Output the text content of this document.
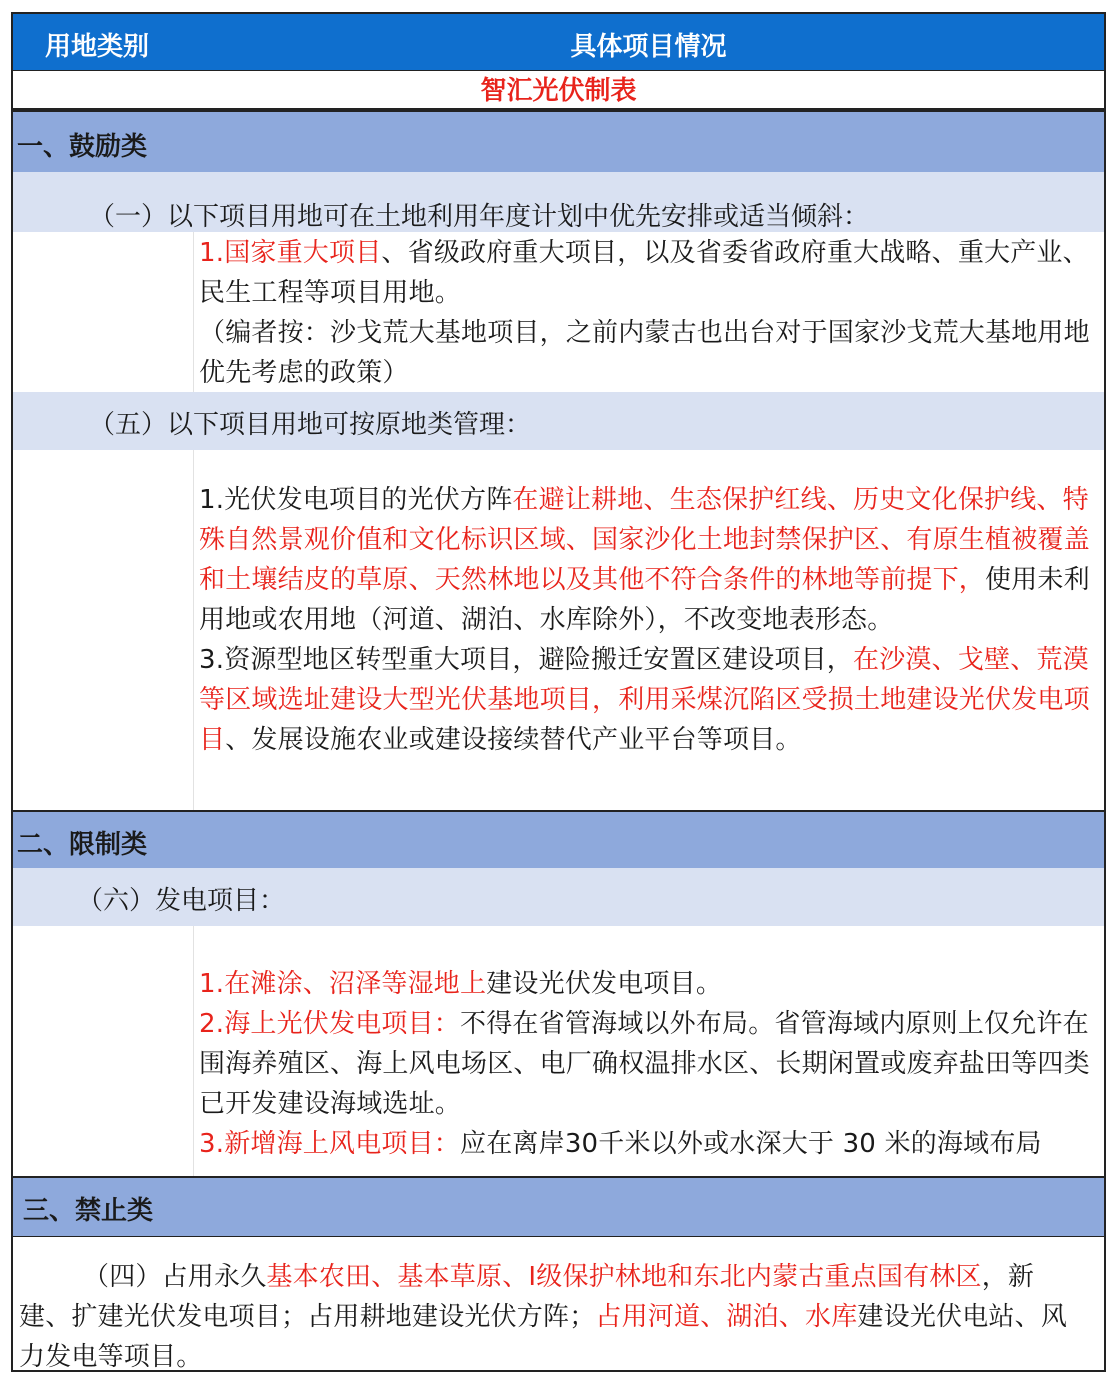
用地类别	具体项目情况
智汇光伏制表
一、鼓励类
（一）以下项目用地可在土地利用年度计划中优先安排或适当倾斜：

1.国家重大项目、省级政府重大项目，以及省委省政府重大战略、重大产业、民生工程等项目用地。

（编者按：沙戈荒大基地项目，之前内蒙古也出台对于国家沙戈荒大基地用地优先考虑的政策）

（五）以下项目用地可按原地类管理：

1.光伏发电项目的光伏方阵在避让耕地、生态保护红线、历史文化保护线、特殊自然景观价值和文化标识区域、国家沙化土地封禁保护区、有原生植被覆盖和土壤结皮的草原、天然林地以及其他不符合条件的林地等前提下，使用未利用地或农用地（河道、湖泊、水库除外），不改变地表形态。

3.资源型地区转型重大项目，避险搬迁安置区建设项目，在沙漠、戈壁、荒漠等区域选址建设大型光伏基地项目，利用采煤沉陷区受损土地建设光伏发电项目、发展设施农业或建设接续替代产业平台等项目。

二、限制类
（六）发电项目：

1.在滩涂、沼泽等湿地上建设光伏发电项目。

2.海上光伏发电项目：不得在省管海域以外布局。省管海域内原则上仅允许在围海养殖区、海上风电场区、电厂确权温排水区、长期闲置或废弃盐田等四类已开发建设海域选址。

3.新增海上风电项目：应在离岸30千米以外或水深大于 30 米的海域布局

三、禁止类

（四）占用永久基本农田、基本草原、Ⅰ级保护林地和东北内蒙古重点国有林区，新建、扩建光伏发电项目；占用耕地建设光伏方阵；占用河道、湖泊、水库建设光伏电站、风力发电等项目。
